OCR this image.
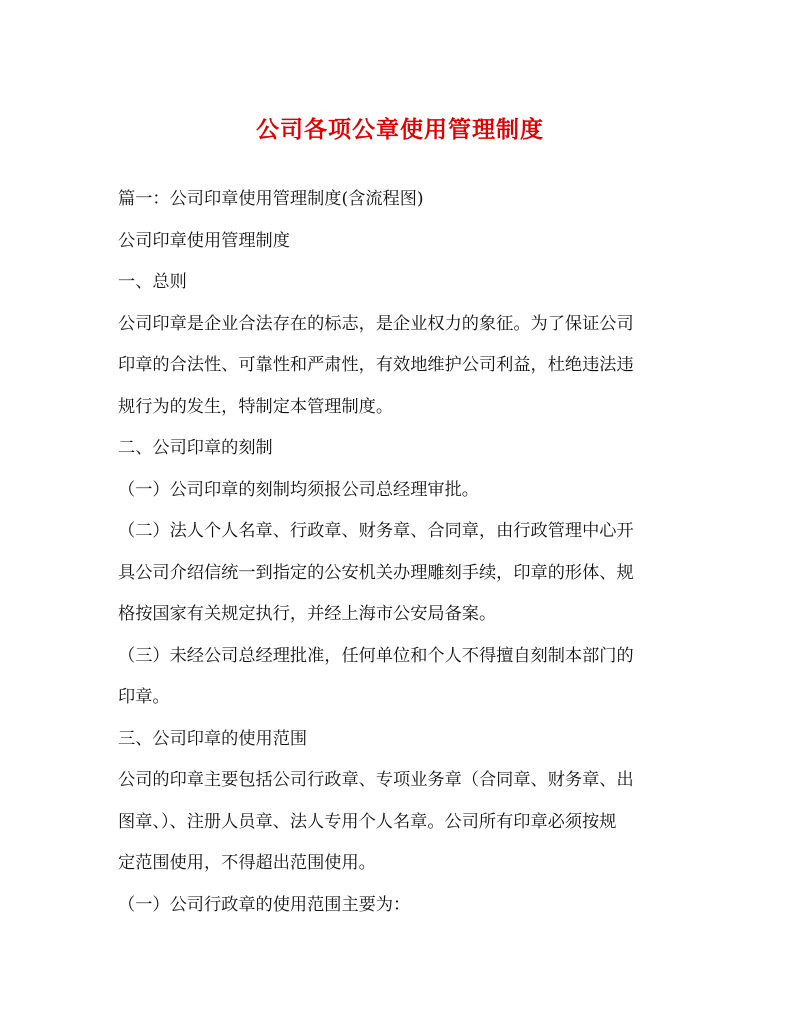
公司各项公章使用管理制度

篇一：公司印章使用管理制度(含流程图)

公司印章使用管理制度

一、总则

公司印章是企业合法存在的标志，是企业权力的象征。为了保证公司

印章的合法性、可靠性和严肃性，有效地维护公司利益，杜绝违法违

规行为的发生，特制定本管理制度。

二、公司印章的刻制

（一）公司印章的刻制均须报公司总经理审批。

（二）法人个人名章、行政章、财务章、合同章，由行政管理中心开

具公司介绍信统一到指定的公安机关办理雕刻手续，印章的形体、规

格按国家有关规定执行，并经上海市公安局备案。

（三）未经公司总经理批准，任何单位和个人不得擅自刻制本部门的

印章。

三、公司印章的使用范围

公司的印章主要包括公司行政章、专项业务章（合同章、财务章、出

图章、）、注册人员章、法人专用个人名章。公司所有印章必须按规

定范围使用，不得超出范围使用。

（一）公司行政章的使用范围主要为：
